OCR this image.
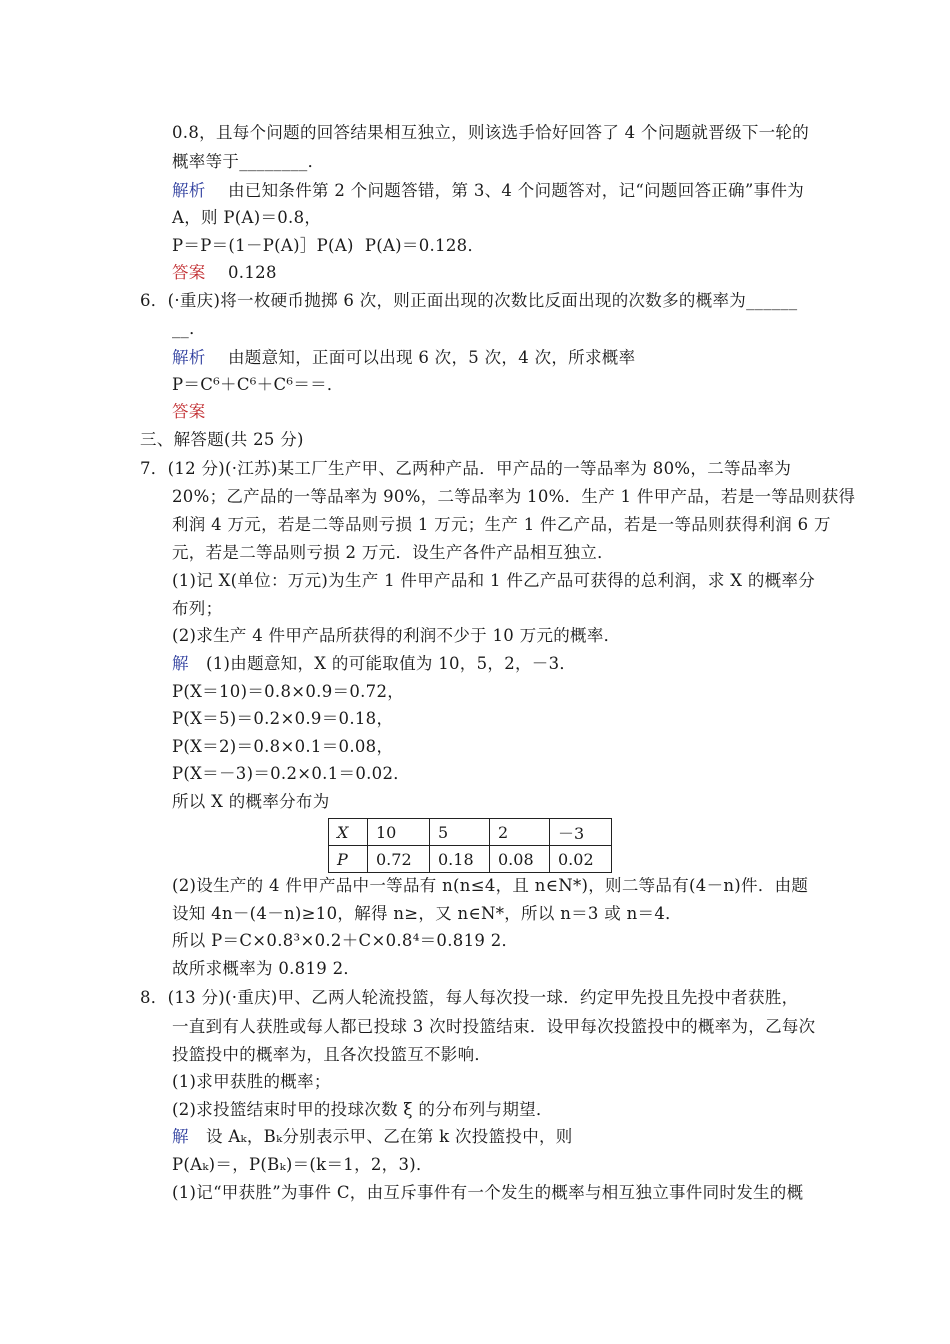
0.8，且每个问题的回答结果相互独立，则该选手恰好回答了 4 个问题就晋级下一轮的
概率等于________．
解析 由已知条件第 2 个问题答错，第 3、4 个问题答对，记“问题回答正确”事件为
A，则 P(A)＝0.8，
P＝P＝(1－P(A)］P(A)  P(A)＝0.128．
答案 0.128
6．(·重庆)将一枚硬币抛掷 6 次，则正面出现的次数比反面出现的次数多的概率为______
__．
解析 由题意知，正面可以出现 6 次，5 次，4 次，所求概率
P＝C⁶＋C⁶＋C⁶＝＝．
答案
三、解答题(共 25 分)
7．(12 分)(·江苏)某工厂生产甲、乙两种产品．甲产品的一等品率为 80%，二等品率为
20%；乙产品的一等品率为 90%，二等品率为 10%．生产 1 件甲产品，若是一等品则获得
利润 4 万元，若是二等品则亏损 1 万元；生产 1 件乙产品，若是一等品则获得利润 6 万
元，若是二等品则亏损 2 万元．设生产各件产品相互独立．
(1)记 X(单位：万元)为生产 1 件甲产品和 1 件乙产品可获得的总利润，求 X 的概率分
布列；
(2)求生产 4 件甲产品所获得的利润不少于 10 万元的概率．
解 (1)由题意知，X 的可能取值为 10，5，2，－3．
P(X＝10)＝0.8×0.9＝0.72，
P(X＝5)＝0.2×0.9＝0.18，
P(X＝2)＝0.8×0.1＝0.08，
P(X＝－3)＝0.2×0.1＝0.02．
所以 X 的概率分布为
X	10	5	2	－3
P	0.72	0.18	0.08	0.02
(2)设生产的 4 件甲产品中一等品有 n(n≤4，且 n∈N*)，则二等品有(4－n)件．由题
设知 4n－(4－n)≥10，解得 n≥，又 n∈N*，所以 n＝3 或 n＝4．
所以 P＝C×0.8³×0.2＋C×0.8⁴＝0.819 2．
故所求概率为 0.819 2．
8．(13 分)(·重庆)甲、乙两人轮流投篮，每人每次投一球．约定甲先投且先投中者获胜，
一直到有人获胜或每人都已投球 3 次时投篮结束．设甲每次投篮投中的概率为，乙每次
投篮投中的概率为，且各次投篮互不影响．
(1)求甲获胜的概率；
(2)求投篮结束时甲的投球次数 ξ 的分布列与期望．
解 设 Aₖ，Bₖ分别表示甲、乙在第 k 次投篮投中，则
P(Aₖ)＝，P(Bₖ)＝(k＝1，2，3)．
(1)记“甲获胜”为事件 C，由互斥事件有一个发生的概率与相互独立事件同时发生的概
